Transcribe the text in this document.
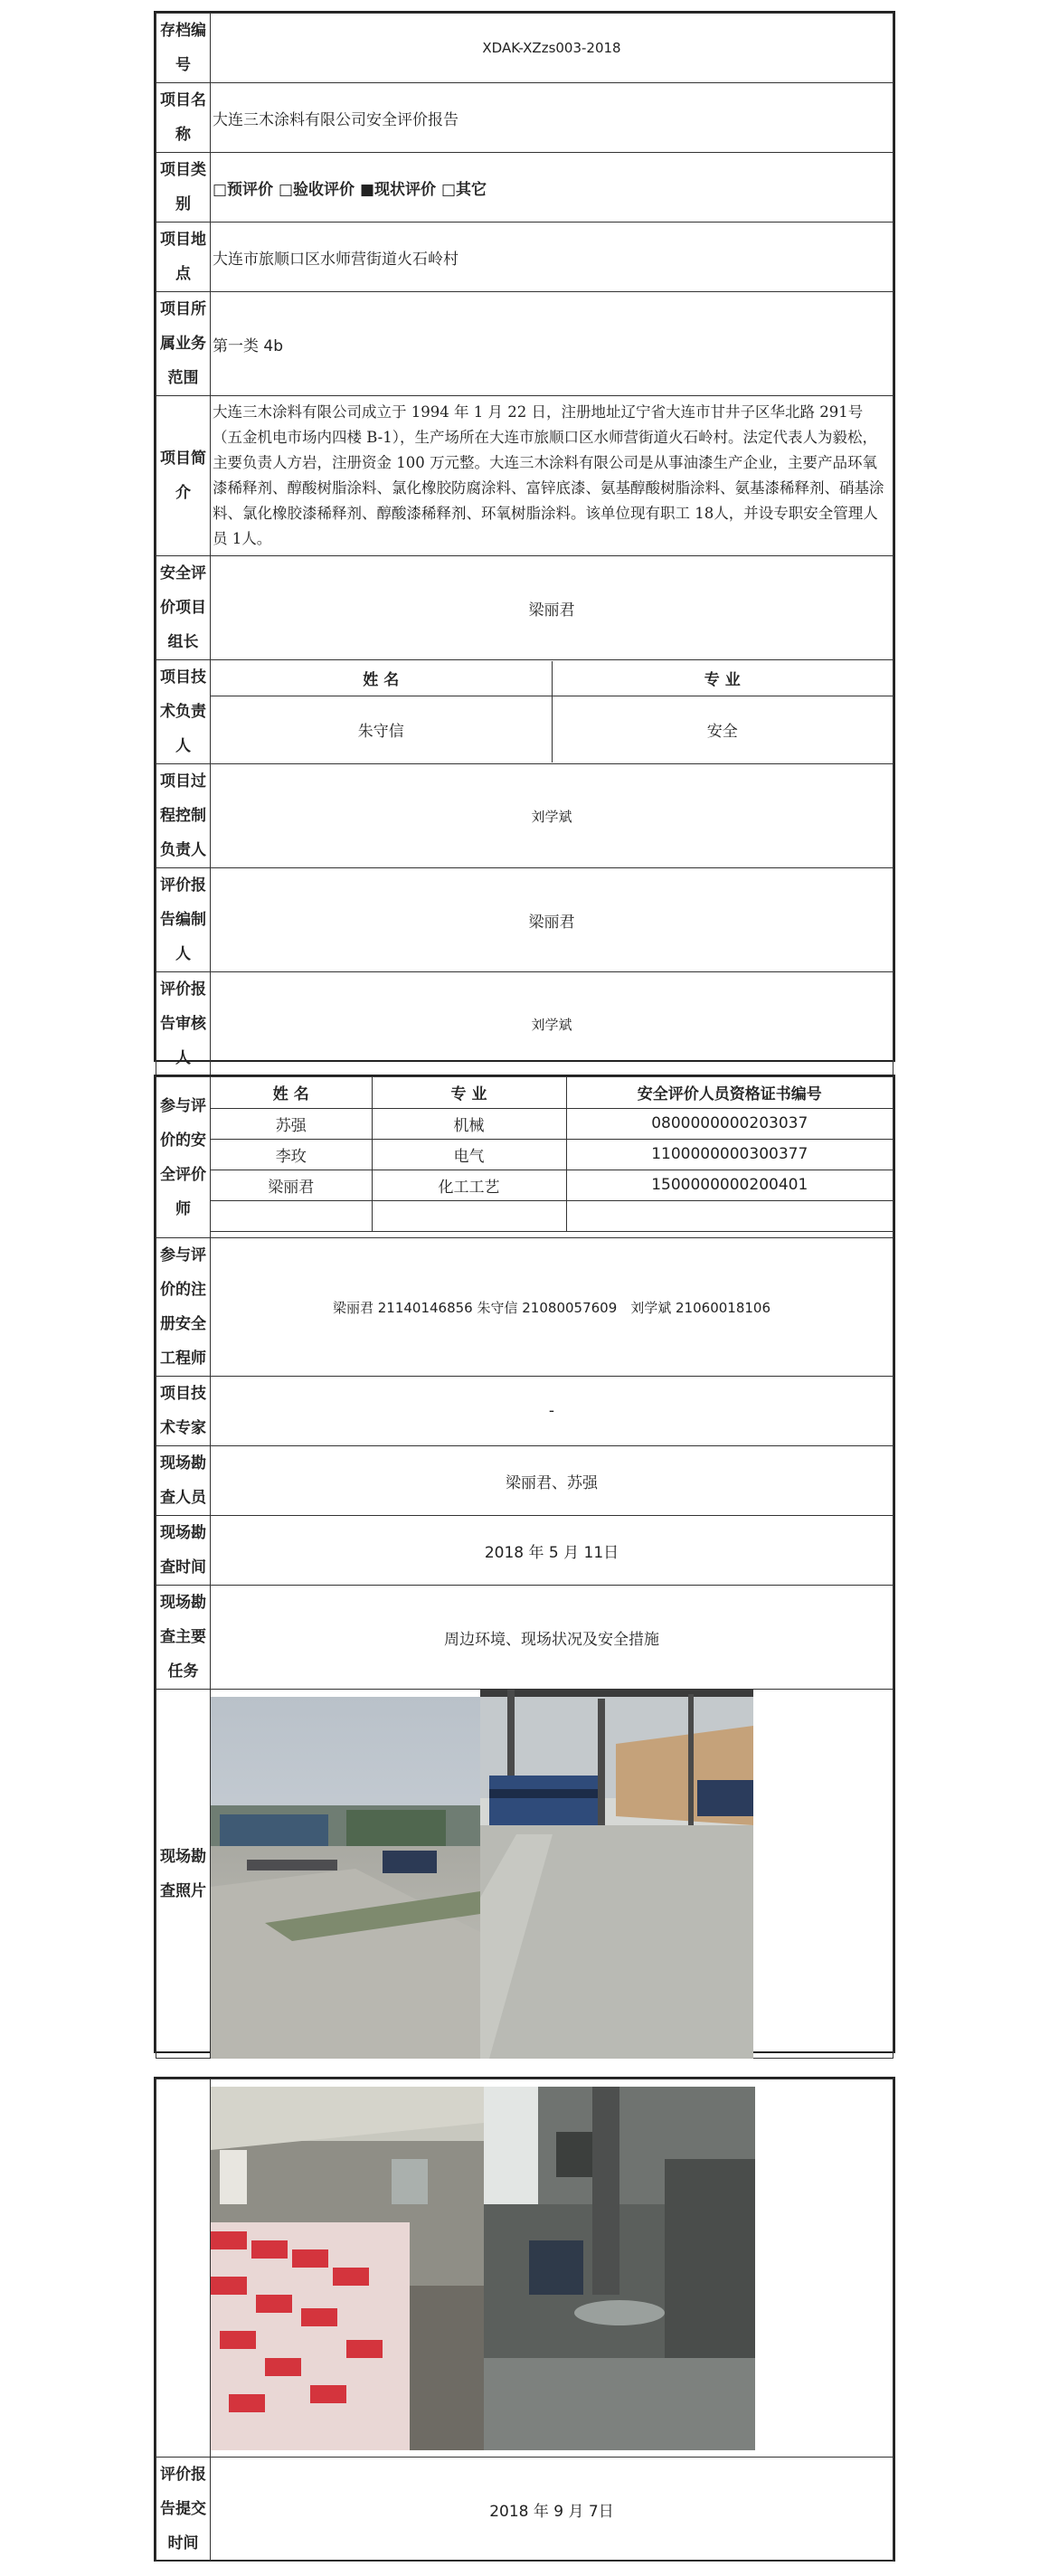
存档编号	XDAK-XZzs003-2018
项目名称	大连三木涂料有限公司安全评价报告
项目类别	□预评价 □验收评价 ■现状评价 □其它
项目地点	大连市旅顺口区水师营街道火石岭村
项目所属业务范围	第一类 4b
项目简介	大连三木涂料有限公司成立于 1994 年 1 月 22 日，注册地址辽宁省大连市甘井子区华北路 291号（五金机电市场内四楼 B-1），生产场所在大连市旅顺口区水师营街道火石岭村。法定代表人为毅松，主要负责人方岩，注册资金 100 万元整。大连三木涂料有限公司是从事油漆生产企业，主要产品环氧漆稀释剂、醇酸树脂涂料、氯化橡胶防腐涂料、富锌底漆、氨基醇酸树脂涂料、氨基漆稀释剂、硝基涂料、氯化橡胶漆稀释剂、醇酸漆稀释剂、环氧树脂涂料。该单位现有职工 18人，并设专职安全管理人员 1人。
安全评价项目组长	梁丽君
项目技术负责人	
姓 名	专 业
朱守信	安全

项目过程控制负责人	刘学斌
评价报告编制人	梁丽君
评价报告审核人	刘学斌
参与评价的安全评价师	
姓 名	专 业	安全评价人员资格证书编号
苏强	机械	0800000000203037
李玫	电气	1100000000300377
梁丽君	化工工艺	1500000000200401

参与评价的注册安全工程师	梁丽君 21140146856 朱守信 21080057609　刘学斌 21060018106
项目技术专家	-
现场勘查人员	梁丽君、苏强
现场勘查时间	2018 年 5 月 11日
现场勘查主要任务	周边环境、现场状况及安全措施
现场勘查照片	

评价报告提交时间	2018 年 9 月 7日
